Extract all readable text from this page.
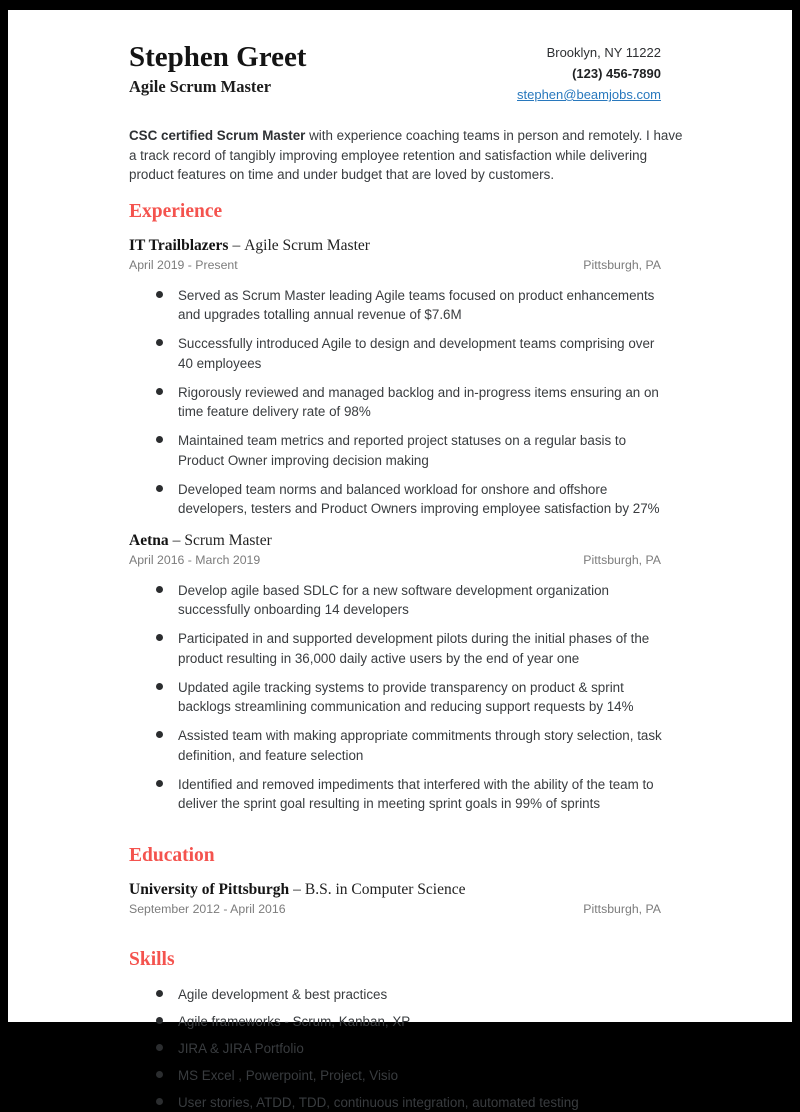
Stephen Greet
Agile Scrum Master
Brooklyn, NY 11222
(123) 456-7890
stephen@beamjobs.com
CSC certified Scrum Master with experience coaching teams in person and remotely. I have a track record of tangibly improving employee retention and satisfaction while delivering product features on time and under budget that are loved by customers.
Experience
IT Trailblazers – Agile Scrum Master
April 2019 - Present	Pittsburgh, PA
Served as Scrum Master leading Agile teams focused on product enhancements and upgrades totalling annual revenue of $7.6M
Successfully introduced Agile to design and development teams comprising over 40 employees
Rigorously reviewed and managed backlog and in-progress items ensuring an on time feature delivery rate of 98%
Maintained team metrics and reported project statuses on a regular basis to Product Owner improving decision making
Developed team norms and balanced workload for onshore and offshore developers, testers and Product Owners improving employee satisfaction by 27%
Aetna – Scrum Master
April 2016 - March 2019	Pittsburgh, PA
Develop agile based SDLC for a new software development organization successfully onboarding 14 developers
Participated in and supported development pilots during the initial phases of the product resulting in 36,000 daily active users by the end of year one
Updated agile tracking systems to provide transparency on product & sprint backlogs streamlining communication and reducing support requests by 14%
Assisted team with making appropriate commitments through story selection, task definition, and feature selection
Identified and removed impediments that interfered with the ability of the team to deliver the sprint goal resulting in meeting sprint goals in 99% of sprints
Education
University of Pittsburgh – B.S. in Computer Science
September 2012 - April 2016	Pittsburgh, PA
Skills
Agile development & best practices
Agile frameworks - Scrum, Kanban, XP
JIRA & JIRA Portfolio
MS Excel , Powerpoint, Project, Visio
User stories, ATDD, TDD, continuous integration, automated testing
